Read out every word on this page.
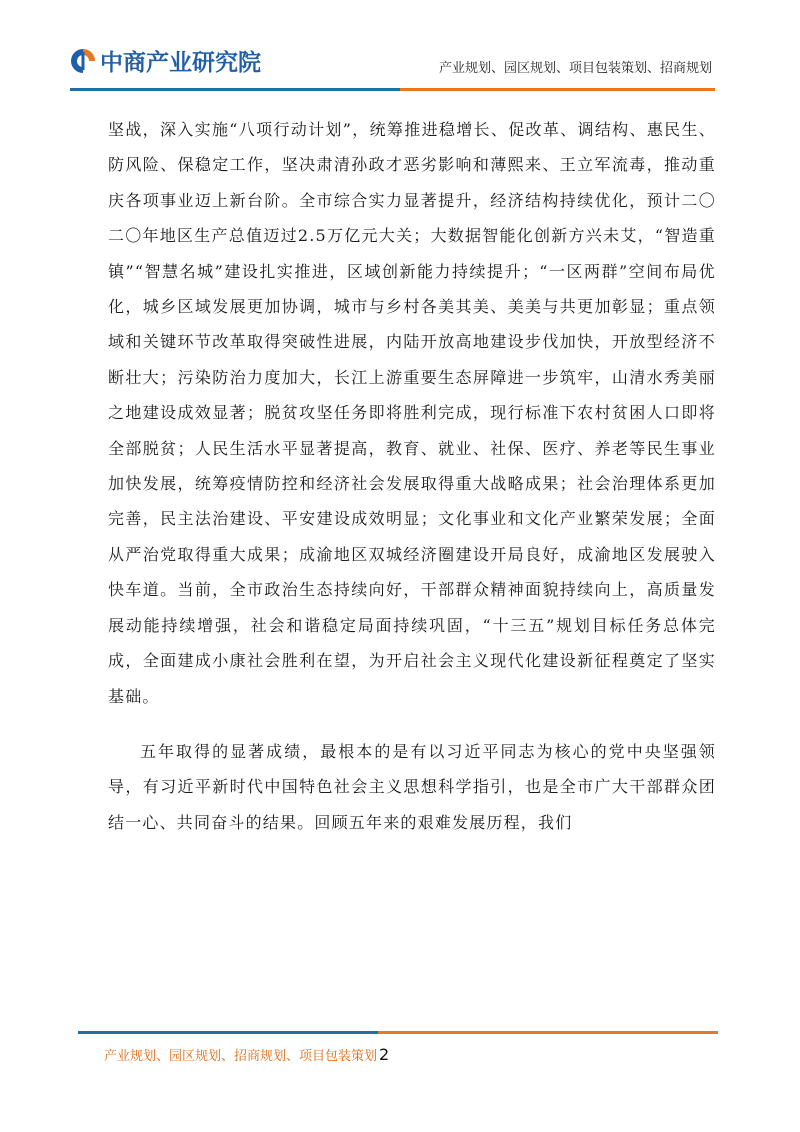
中商产业研究院	产业规划、园区规划、项目包装策划、招商规划

坚战，深入实施“八项行动计划”，统筹推进稳增长、促改革、调结构、惠民生、防风险、保稳定工作，坚决肃清孙政才恶劣影响和薄熙来、王立军流毒，推动重庆各项事业迈上新台阶。全市综合实力显著提升，经济结构持续优化，预计二〇二〇年地区生产总值迈过2.5万亿元大关；大数据智能化创新方兴未艾，“智造重镇”“智慧名城”建设扎实推进，区域创新能力持续提升；“一区两群”空间布局优化，城乡区域发展更加协调，城市与乡村各美其美、美美与共更加彰显；重点领域和关键环节改革取得突破性进展，内陆开放高地建设步伐加快，开放型经济不断壮大；污染防治力度加大，长江上游重要生态屏障进一步筑牢，山清水秀美丽之地建设成效显著；脱贫攻坚任务即将胜利完成，现行标准下农村贫困人口即将全部脱贫；人民生活水平显著提高，教育、就业、社保、医疗、养老等民生事业加快发展，统筹疫情防控和经济社会发展取得重大战略成果；社会治理体系更加完善，民主法治建设、平安建设成效明显；文化事业和文化产业繁荣发展；全面从严治党取得重大成果；成渝地区双城经济圈建设开局良好，成渝地区发展驶入快车道。当前，全市政治生态持续向好，干部群众精神面貌持续向上，高质量发展动能持续增强，社会和谐稳定局面持续巩固，“十三五”规划目标任务总体完成，全面建成小康社会胜利在望，为开启社会主义现代化建设新征程奠定了坚实基础。

五年取得的显著成绩，最根本的是有以习近平同志为核心的党中央坚强领导，有习近平新时代中国特色社会主义思想科学指引，也是全市广大干部群众团结一心、共同奋斗的结果。回顾五年来的艰难发展历程，我们

产业规划、园区规划、招商规划、项目包装策划 2
